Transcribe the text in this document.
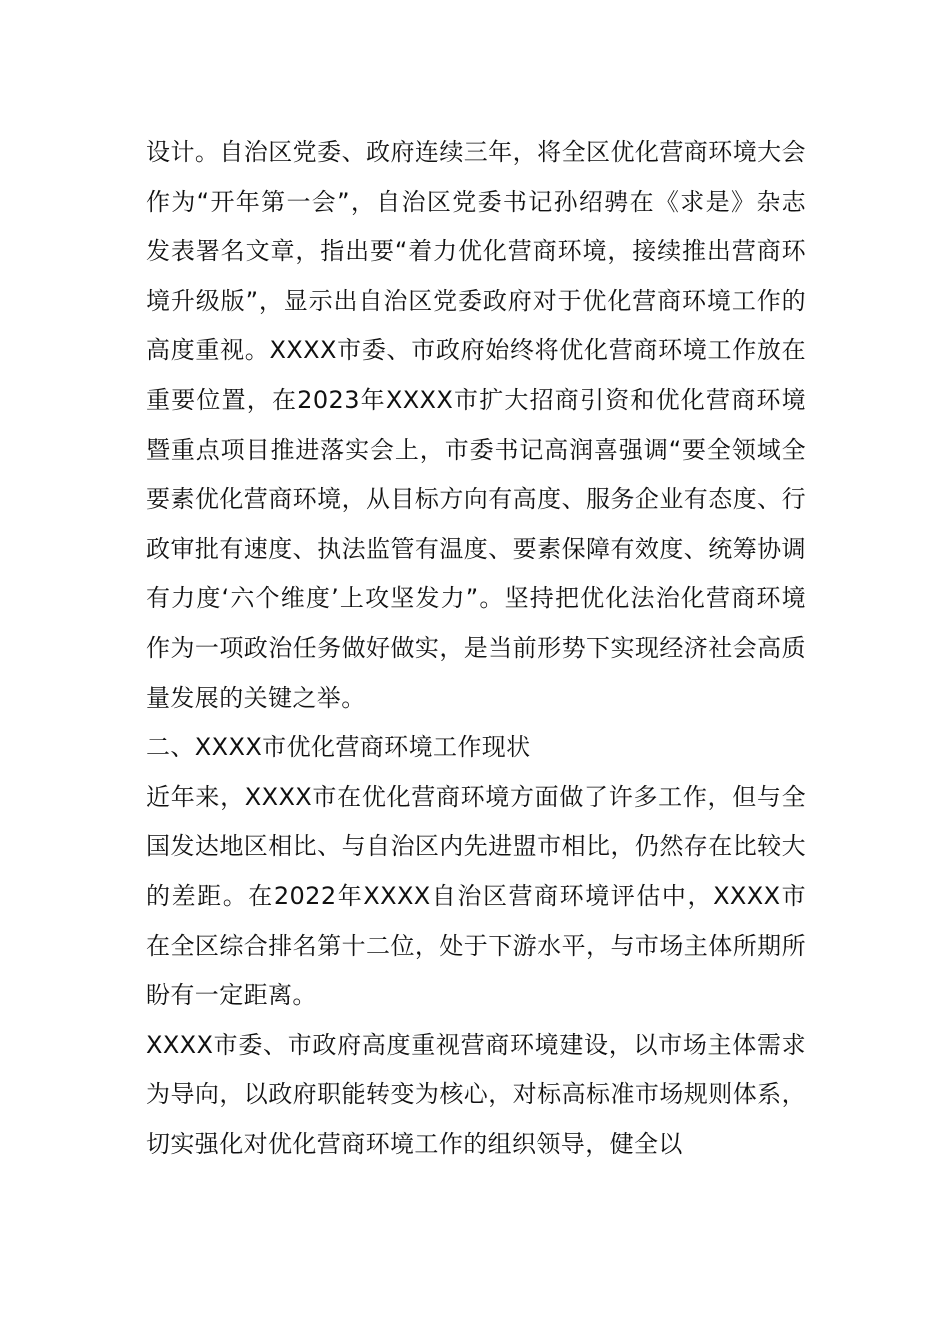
设计。自治区党委、政府连续三年，将全区优化营商环境大会作为“开年第一会”，自治区党委书记孙绍骋在《求是》杂志发表署名文章，指出要“着力优化营商环境，接续推出营商环境升级版”，显示出自治区党委政府对于优化营商环境工作的高度重视。XXXX市委、市政府始终将优化营商环境工作放在重要位置，在2023年XXXX市扩大招商引资和优化营商环境暨重点项目推进落实会上，市委书记高润喜强调“要全领域全要素优化营商环境，从目标方向有高度、服务企业有态度、行政审批有速度、执法监管有温度、要素保障有效度、统筹协调有力度‘六个维度’上攻坚发力”。坚持把优化法治化营商环境作为一项政治任务做好做实，是当前形势下实现经济社会高质量发展的关键之举。

二、XXXX市优化营商环境工作现状

近年来，XXXX市在优化营商环境方面做了许多工作，但与全国发达地区相比、与自治区内先进盟市相比，仍然存在比较大的差距。在2022年XXXX自治区营商环境评估中，XXXX市在全区综合排名第十二位，处于下游水平，与市场主体所期所盼有一定距离。

XXXX市委、市政府高度重视营商环境建设，以市场主体需求为导向，以政府职能转变为核心，对标高标准市场规则体系，切实强化对优化营商环境工作的组织领导，健全以
